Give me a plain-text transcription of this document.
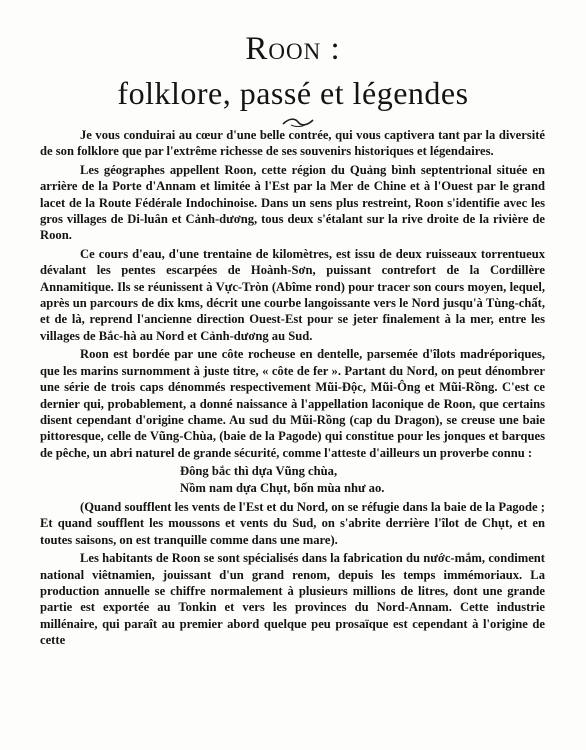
Roon :
folklore, passé et légendes

Je vous conduirai au cœur d'une belle contrée, qui vous captivera tant par la diversité de son folklore que par l'extrême richesse de ses souvenirs historiques et légendaires.

Les géographes appellent Roon, cette région du Quảng bình septentrional située en arrière de la Porte d'Annam et limitée à l'Est par la Mer de Chine et à l'Ouest par le grand lacet de la Route Fédérale Indochinoise. Dans un sens plus restreint, Roon s'identifie avec les gros villages de Di-luân et Cảnh-dương, tous deux s'étalant sur la rive droite de la rivière de Roon.

Ce cours d'eau, d'une trentaine de kilomètres, est issu de deux ruisseaux torrentueux dévalant les pentes escarpées de Hoành-Sơn, puissant contrefort de la Cordillère Annamitique. Ils se réunissent à Vực-Tròn (Abîme rond) pour tracer son cours moyen, lequel, après un parcours de dix kms, décrit une courbe langoissante vers le Nord jusqu'à Tùng-chất, et de là, reprend l'ancienne direction Ouest-Est pour se jeter finalement à la mer, entre les villages de Bắc-hà au Nord et Cảnh-dương au Sud.

Roon est bordée par une côte rocheuse en dentelle, parsemée d'îlots madréporiques, que les marins surnomment à juste titre, « côte de fer ». Partant du Nord, on peut dénombrer une série de trois caps dénommés respectivement Mũi-Độc, Mũi-Ông et Mũi-Rồng. C'est ce dernier qui, probablement, a donné naissance à l'appellation laconique de Roon, que certains disent cependant d'origine chame. Au sud du Mũi-Rồng (cap du Dragon), se creuse une baie pittoresque, celle de Vũng-Chùa, (baie de la Pagode) qui constitue pour les jonques et barques de pêche, un abri naturel de grande sécurité, comme l'atteste d'ailleurs un proverbe connu :

Đông bắc thì dựa Vũng chùa,

Nồm nam dựa Chụt, bốn mùa như ao.

(Quand soufflent les vents de l'Est et du Nord, on se réfugie dans la baie de la Pagode ; Et quand soufflent les moussons et vents du Sud, on s'abrite derrière l'îlot de Chụt, et en toutes saisons, on est tranquille comme dans une mare).

Les habitants de Roon se sont spécialisés dans la fabrication du nước-mắm, condiment national viêtnamien, jouissant d'un grand renom, depuis les temps immémoriaux. La production annuelle se chiffre normalement à plusieurs millions de litres, dont une grande partie est exportée au Tonkin et vers les provinces du Nord-Annam. Cette industrie millénaire, qui paraît au premier abord quelque peu prosaïque est cependant à l'origine de cette
